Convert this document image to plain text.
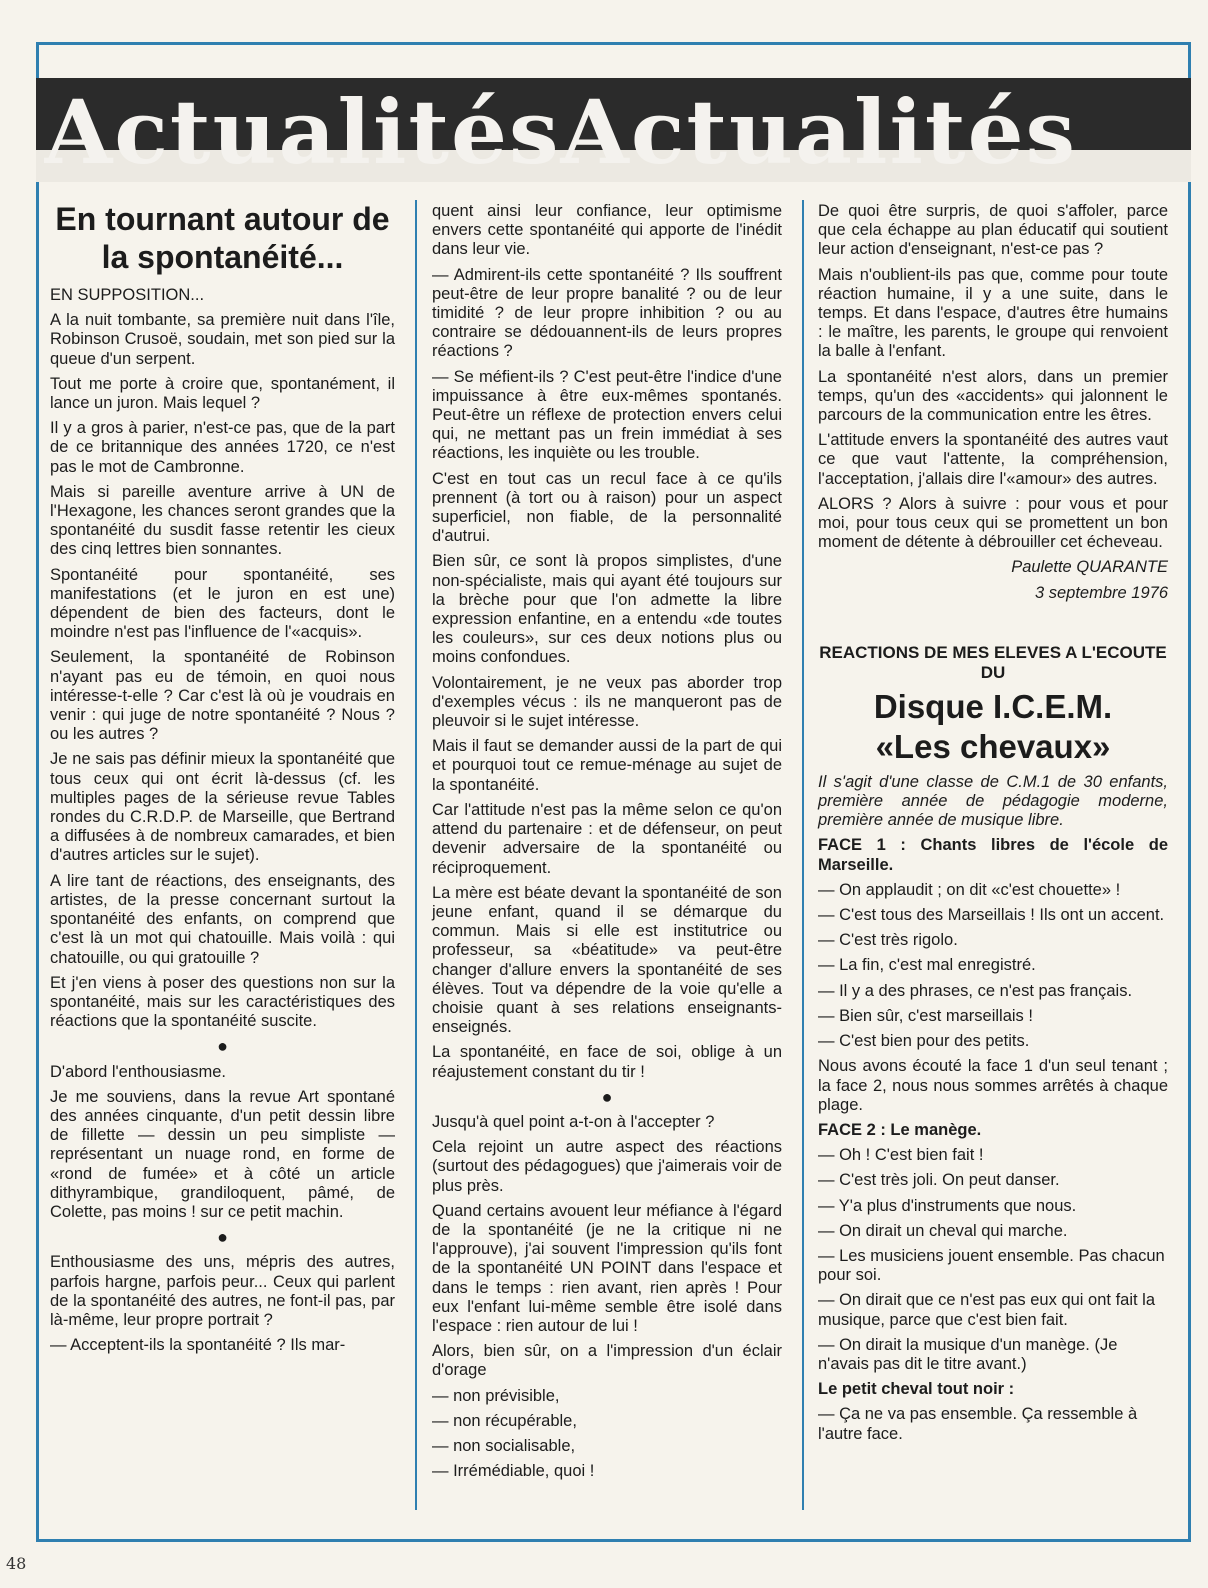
ActualitésActualités
En tournant autour de la spontanéité...

EN SUPPOSITION...

A la nuit tombante, sa première nuit dans l'île, Robinson Crusoë, soudain, met son pied sur la queue d'un serpent.

Tout me porte à croire que, spontanément, il lance un juron. Mais lequel ?

Il y a gros à parier, n'est-ce pas, que de la part de ce britannique des années 1720, ce n'est pas le mot de Cambronne.

Mais si pareille aventure arrive à UN de l'Hexagone, les chances seront grandes que la spontanéité du susdit fasse retentir les cieux des cinq lettres bien sonnantes.

Spontanéité pour spontanéité, ses manifestations (et le juron en est une) dépendent de bien des facteurs, dont le moindre n'est pas l'influence de l'«acquis».

Seulement, la spontanéité de Robinson n'ayant pas eu de témoin, en quoi nous intéresse-t-elle ? Car c'est là où je voudrais en venir : qui juge de notre spontanéité ? Nous ? ou les autres ?

Je ne sais pas définir mieux la spontanéité que tous ceux qui ont écrit là-dessus (cf. les multiples pages de la sérieuse revue Tables rondes du C.R.D.P. de Marseille, que Bertrand a diffusées à de nombreux camarades, et bien d'autres articles sur le sujet).

A lire tant de réactions, des enseignants, des artistes, de la presse concernant surtout la spontanéité des enfants, on comprend que c'est là un mot qui chatouille. Mais voilà : qui chatouille, ou qui gratouille ?

Et j'en viens à poser des questions non sur la spontanéité, mais sur les caractéristiques des réactions que la spontanéité suscite.

●

D'abord l'enthousiasme.

Je me souviens, dans la revue Art spontané des années cinquante, d'un petit dessin libre de fillette — dessin un peu simpliste — représentant un nuage rond, en forme de «rond de fumée» et à côté un article dithyrambique, grandiloquent, pâmé, de Colette, pas moins ! sur ce petit machin.

●

Enthousiasme des uns, mépris des autres, parfois hargne, parfois peur... Ceux qui parlent de la spontanéité des autres, ne font-il pas, par là-même, leur propre portrait ?

— Acceptent-ils la spontanéité ? Ils mar-

quent ainsi leur confiance, leur optimisme envers cette spontanéité qui apporte de l'inédit dans leur vie.

— Admirent-ils cette spontanéité ? Ils souffrent peut-être de leur propre banalité ? ou de leur timidité ? de leur propre inhibition ? ou au contraire se dédouannent-ils de leurs propres réactions ?

— Se méfient-ils ? C'est peut-être l'indice d'une impuissance à être eux-mêmes spontanés. Peut-être un réflexe de protection envers celui qui, ne mettant pas un frein immédiat à ses réactions, les inquiète ou les trouble.

C'est en tout cas un recul face à ce qu'ils prennent (à tort ou à raison) pour un aspect superficiel, non fiable, de la personnalité d'autrui.

Bien sûr, ce sont là propos simplistes, d'une non-spécialiste, mais qui ayant été toujours sur la brèche pour que l'on admette la libre expression enfantine, en a entendu «de toutes les couleurs», sur ces deux notions plus ou moins confondues.

Volontairement, je ne veux pas aborder trop d'exemples vécus : ils ne manqueront pas de pleuvoir si le sujet intéresse.

Mais il faut se demander aussi de la part de qui et pourquoi tout ce remue-ménage au sujet de la spontanéité.

Car l'attitude n'est pas la même selon ce qu'on attend du partenaire : et de défenseur, on peut devenir adversaire de la spontanéité ou réciproquement.

La mère est béate devant la spontanéité de son jeune enfant, quand il se démarque du commun. Mais si elle est institutrice ou professeur, sa «béatitude» va peut-être changer d'allure envers la spontanéité de ses élèves. Tout va dépendre de la voie qu'elle a choisie quant à ses relations enseignants-enseignés.

La spontanéité, en face de soi, oblige à un réajustement constant du tir !

●

Jusqu'à quel point a-t-on à l'accepter ?

Cela rejoint un autre aspect des réactions (surtout des pédagogues) que j'aimerais voir de plus près.

Quand certains avouent leur méfiance à l'égard de la spontanéité (je ne la critique ni ne l'approuve), j'ai souvent l'impression qu'ils font de la spontanéité UN POINT dans l'espace et dans le temps : rien avant, rien après ! Pour eux l'enfant lui-même semble être isolé dans l'espace : rien autour de lui !

Alors, bien sûr, on a l'impression d'un éclair d'orage

— non prévisible,

— non récupérable,

— non socialisable,

— Irrémédiable, quoi !

De quoi être surpris, de quoi s'affoler, parce que cela échappe au plan éducatif qui soutient leur action d'enseignant, n'est-ce pas ?

Mais n'oublient-ils pas que, comme pour toute réaction humaine, il y a une suite, dans le temps. Et dans l'espace, d'autres être humains : le maître, les parents, le groupe qui renvoient la balle à l'enfant.

La spontanéité n'est alors, dans un premier temps, qu'un des «accidents» qui jalonnent le parcours de la communication entre les êtres.

L'attitude envers la spontanéité des autres vaut ce que vaut l'attente, la compréhension, l'acceptation, j'allais dire l'«amour» des autres.

ALORS ? Alors à suivre : pour vous et pour moi, pour tous ceux qui se promettent un bon moment de détente à débrouiller cet écheveau.

Paulette QUARANTE

3 septembre 1976

REACTIONS DE MES ELEVES A L'ECOUTE DU
Disque I.C.E.M.
«Les chevaux»

Il s'agit d'une classe de C.M.1 de 30 enfants, première année de pédagogie moderne, première année de musique libre.

FACE 1 : Chants libres de l'école de Marseille.

— On applaudit ; on dit «c'est chouette» !

— C'est tous des Marseillais ! Ils ont un accent.

— C'est très rigolo.

— La fin, c'est mal enregistré.

— Il y a des phrases, ce n'est pas français.

— Bien sûr, c'est marseillais !

— C'est bien pour des petits.

Nous avons écouté la face 1 d'un seul tenant ; la face 2, nous nous sommes arrêtés à chaque plage.

FACE 2 : Le manège.

— Oh ! C'est bien fait !

— C'est très joli. On peut danser.

— Y'a plus d'instruments que nous.

— On dirait un cheval qui marche.

— Les musiciens jouent ensemble. Pas chacun pour soi.

— On dirait que ce n'est pas eux qui ont fait la musique, parce que c'est bien fait.

— On dirait la musique d'un manège. (Je n'avais pas dit le titre avant.)

Le petit cheval tout noir :

— Ça ne va pas ensemble. Ça ressemble à l'autre face.

48
